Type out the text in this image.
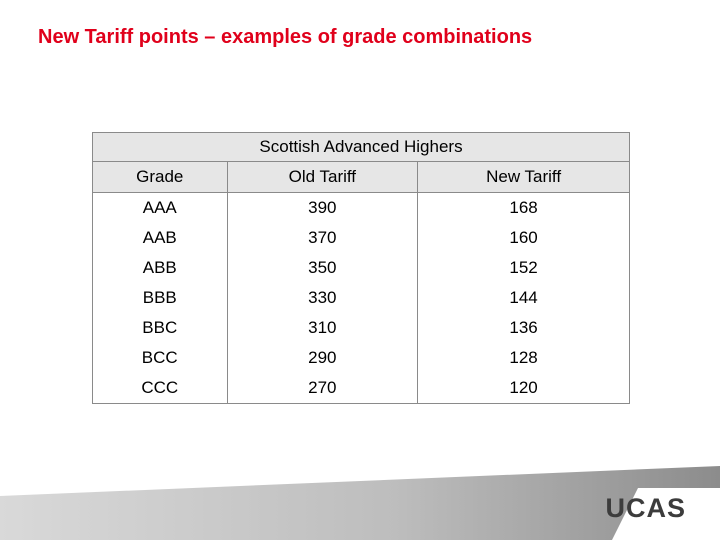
New Tariff points – examples of grade combinations
Scottish Advanced Highers		
Grade	Old Tariff	New Tariff
AAA	390	168
AAB	370	160
ABB	350	152
BBB	330	144
BBC	310	136
BCC	290	128
CCC	270	120
UCAS
